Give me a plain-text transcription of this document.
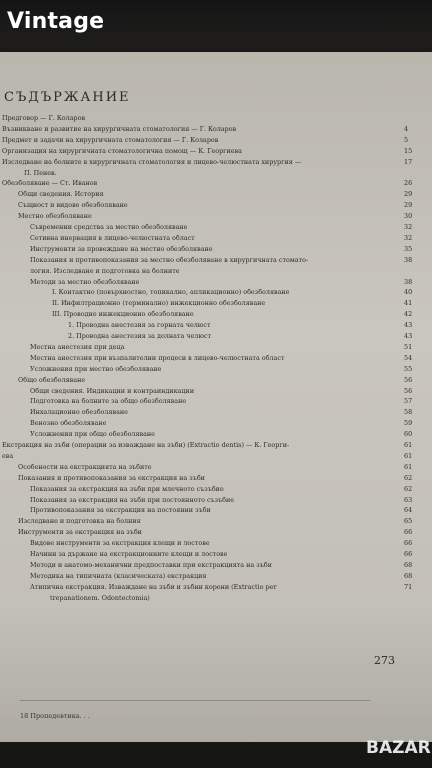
Vintage
СЪДЪРЖАНИЕ
Предговор — Г. Коларов
Възникване и развитие на хирургичната стоматология — Г. Коларов	4
Предмет и задачи на хирургичната стоматология — Г. Коларов	5
Организация на хирургичната стоматологична помощ — К. Георгиева	15
Изследване на болните в хирургичната стоматология и лицево-челюстната хирургия —	17
П. Пенев.
Обезболяване — Ст. Иванов	26
Общи сведения. История	29
Същност и видове обезболяване	29
Местно обезболяване	30
Съвременни средства за местно обезболяване	32
Сетивна инервация в лицево-челюстната област	32
Инструменти за провеждане на местно обезболяване	35
Показания и противопоказания за местно обезболяване в хирургичната стомато-	38
логия. Изследване и подготовка на болните
Методи за местно обезболяване	38
I. Контактно (повърхностно, топикално, апликационно) обезболяване	40
II. Инфилтрационно (терминално) инжекционно обезболяване	41
III. Проводно инжекционно обезболяване	42
1. Проводна анестезия за горната челюст	43
2. Проводна анестезия за долната челюст	43
Местна анестезия при деца	51
Местна анестезия при възпалителни процеси в лицево-челюстната област	54
Усложнения при местно обезболяване	55
Общо обезболяване	56
Общи сведения. Индикации и контраиндикации	56
Подготовка на болните за общо обезболяване	57
Инхалационно обезболяване	58
Венозно обезболяване	59
Усложнения при общо обезболяване	60
Екстракция на зъби (операции за изваждане на зъби) (Extractio dentis) — К. Георги-	61
ева	61
Особености на екстракцията на зъбите	61
Показания и противопоказания за екстракция на зъби	62
Показания за екстракция на зъби при млечното съзъбие	62
Показания за екстракция на зъби при постоянното съзъбие	63
Противопоказания за екстракция на постоянни зъби	64
Изследване и подготовка на болния	65
Инструменти за екстракция на зъби	66
Видове инструменти за екстракция клещи и лостове	66
Начини за държане на екстракционните клещи и лостове	66
Методи и анатомо-механични предпоставки при екстракцията на зъби	68
Методика на типичната (класическата) екстракция	68
Атипична екстракция. Изваждане на зъби и зъбни корени (Extractio per	71
trepanationem. Odontectomia)
273
18 Пропедевтика. . .
BAZAR
